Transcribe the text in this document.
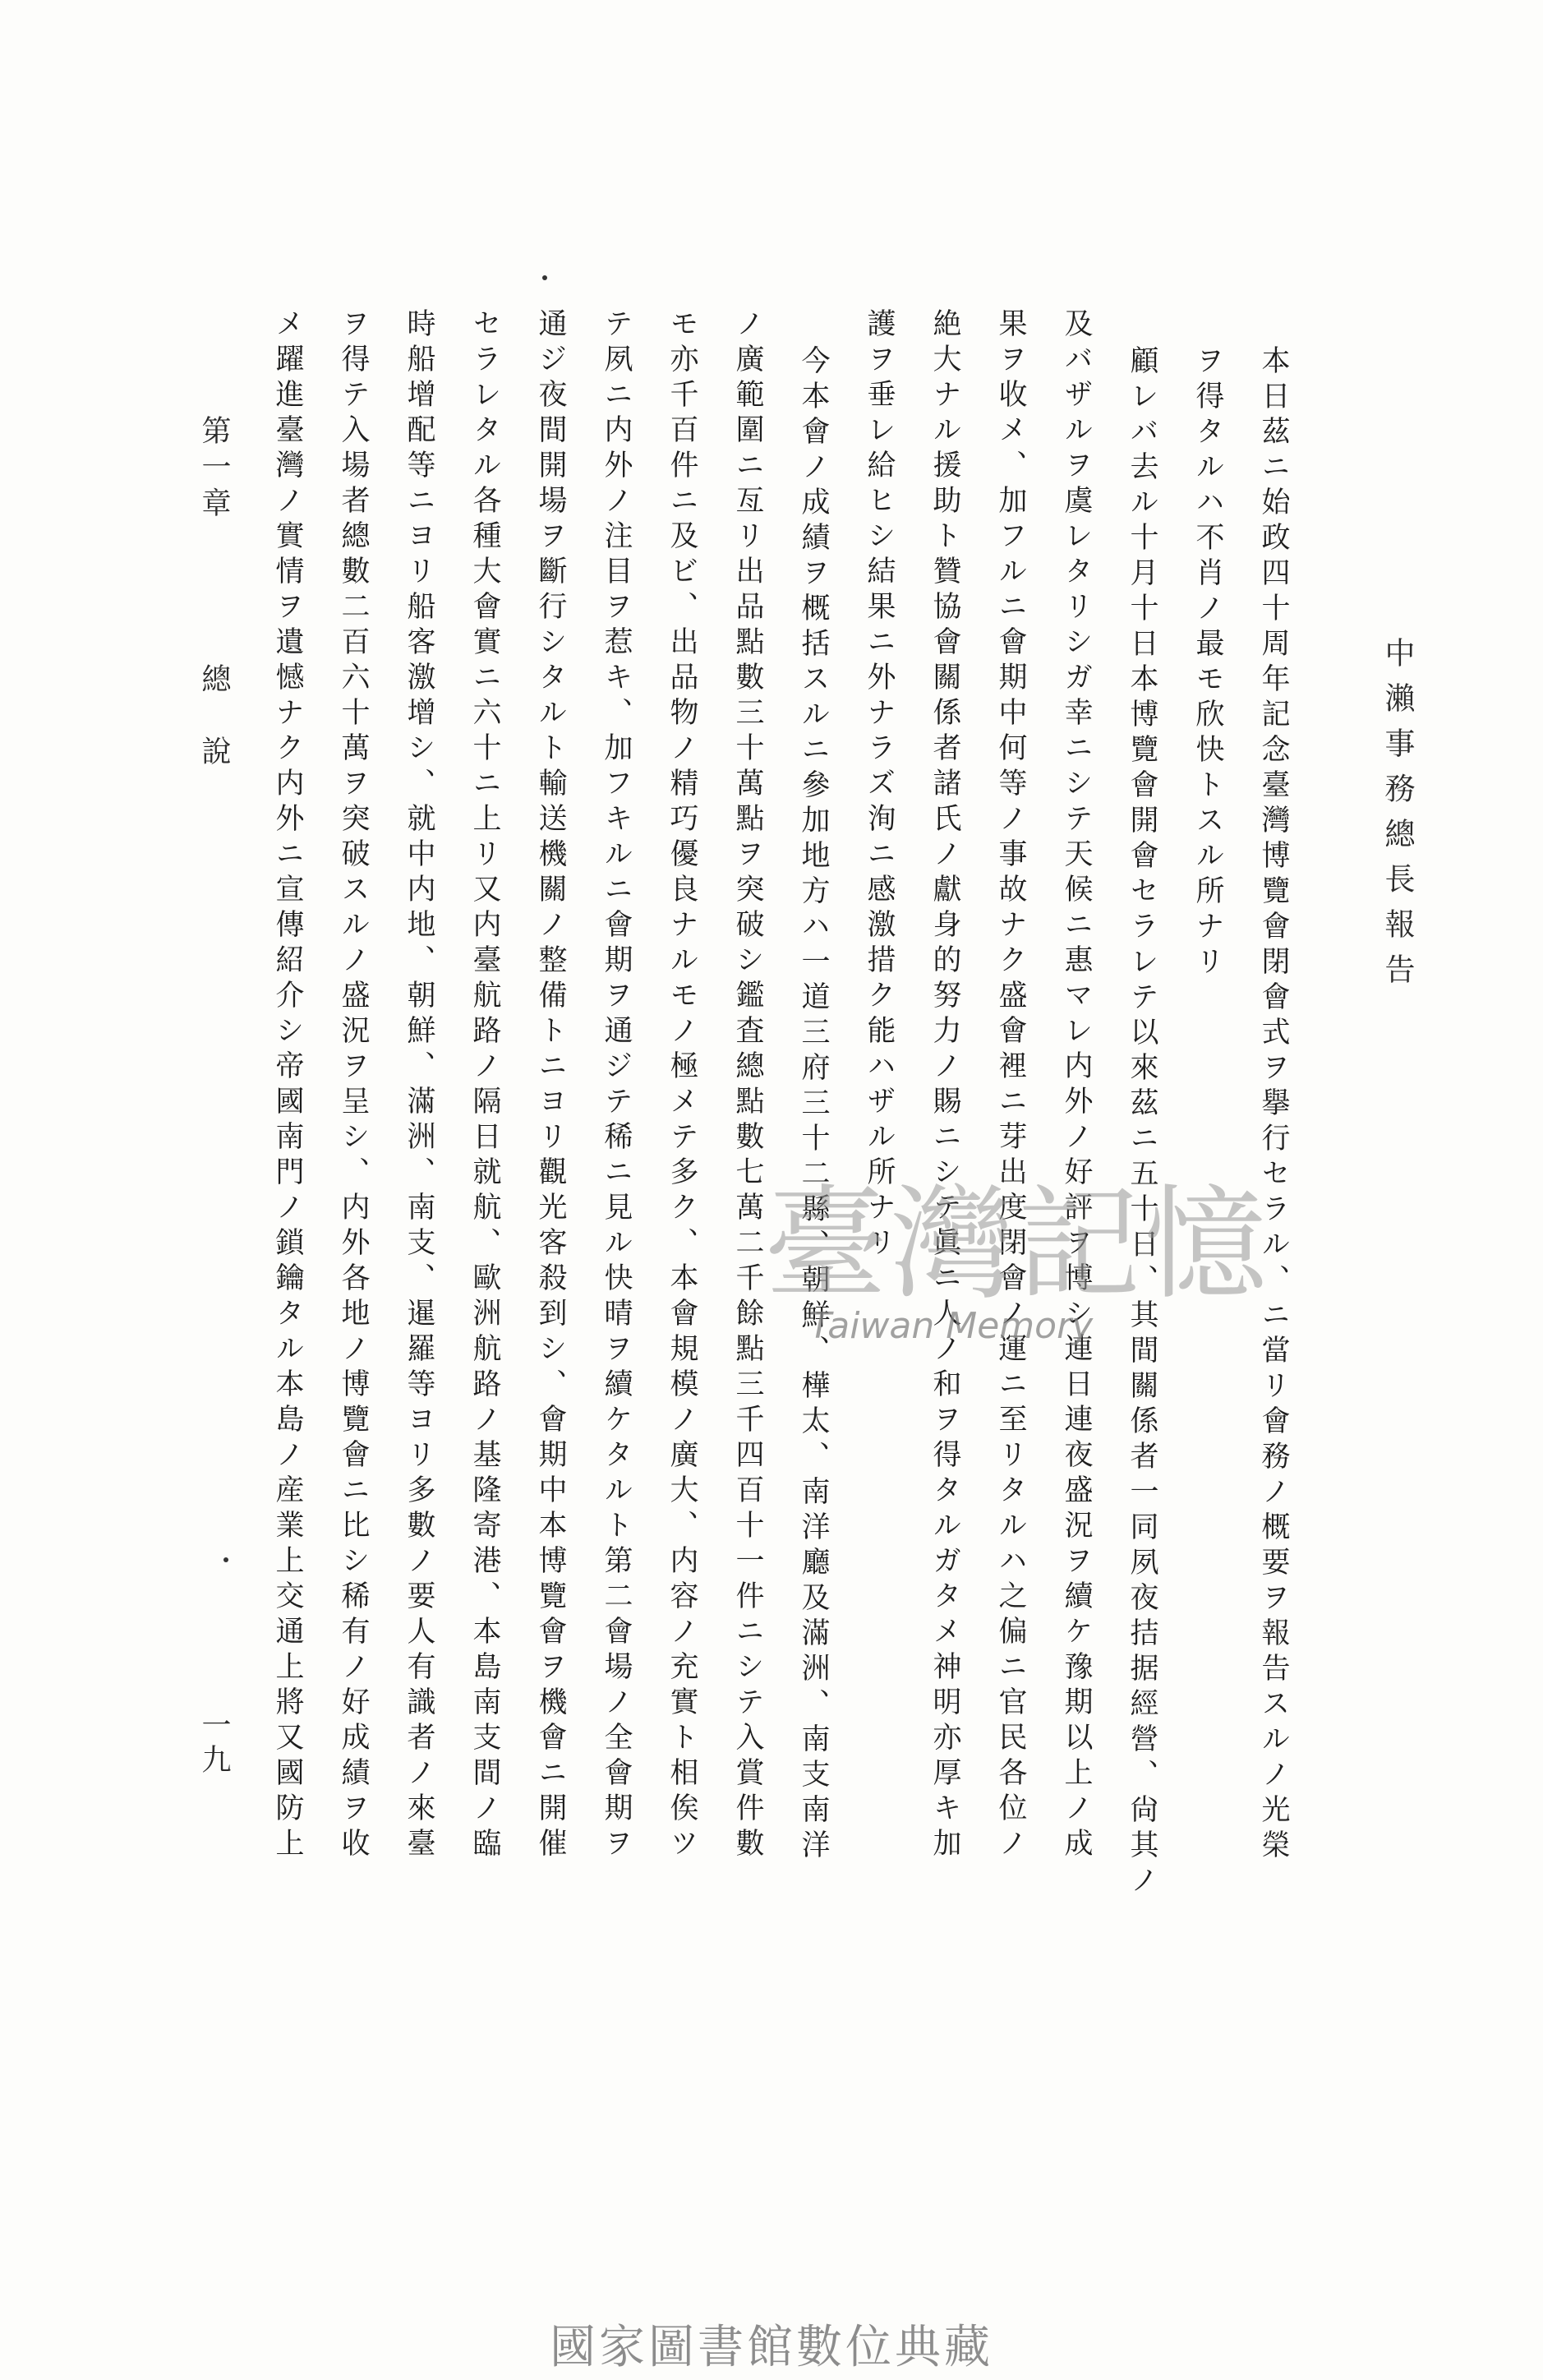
中瀨事務總長報告
本日茲ニ始政四十周年記念臺灣博覽會閉會式ヲ擧行セラル、ニ當リ會務ノ概要ヲ報告スルノ光榮
ヲ得タルハ不肖ノ最モ欣快トスル所ナリ
顧レバ去ル十月十日本博覽會開會セラレテ以來茲ニ五十日、其間關係者一同夙夜拮据經營、尙其ノ
及バザルヲ虞レタリシガ幸ニシテ天候ニ惠マレ内外ノ好評ヲ博シ連日連夜盛況ヲ續ケ豫期以上ノ成
果ヲ收メ、加フルニ會期中何等ノ事故ナク盛會裡ニ芽出度閉會ノ運ニ至リタルハ之偏ニ官民各位ノ
絶大ナル援助ト贊協會關係者諸氏ノ獻身的努力ノ賜ニシテ眞ニ人ノ和ヲ得タルガタメ神明亦厚キ加
護ヲ垂レ給ヒシ結果ニ外ナラズ洵ニ感激措ク能ハザル所ナリ
今本會ノ成績ヲ概括スルニ參加地方ハ一道三府三十二縣、朝鮮、樺太、南洋廳及滿洲、南支南洋
ノ廣範圍ニ亙リ出品點數三十萬點ヲ突破シ鑑査總點數七萬二千餘點三千四百十一件ニシテ入賞件數
モ亦千百件ニ及ビ、出品物ノ精巧優良ナルモノ極メテ多ク、本會規模ノ廣大、内容ノ充實ト相俟ツ
テ夙ニ内外ノ注目ヲ惹キ、加フキルニ會期ヲ通ジテ稀ニ見ル快晴ヲ續ケタルト第二會場ノ全會期ヲ
通ジ夜間開場ヲ斷行シタルト輸送機關ノ整備トニヨリ觀光客殺到シ、會期中本博覽會ヲ機會ニ開催
セラレタル各種大會實ニ六十ニ上リ又内臺航路ノ隔日就航、歐洲航路ノ基隆寄港、本島南支間ノ臨
時船增配等ニヨリ船客激增シ、就中内地、朝鮮、滿洲、南支、暹羅等ヨリ多數ノ要人有識者ノ來臺
ヲ得テ入場者總數二百六十萬ヲ突破スルノ盛況ヲ呈シ、内外各地ノ博覽會ニ比シ稀有ノ好成績ヲ收
メ躍進臺灣ノ實情ヲ遺憾ナク内外ニ宣傳紹介シ帝國南門ノ鎖鑰タル本島ノ産業上交通上將又國防上
第一章總　說
一九
臺灣記憶
Taiwan Memory
國家圖書館數位典藏
